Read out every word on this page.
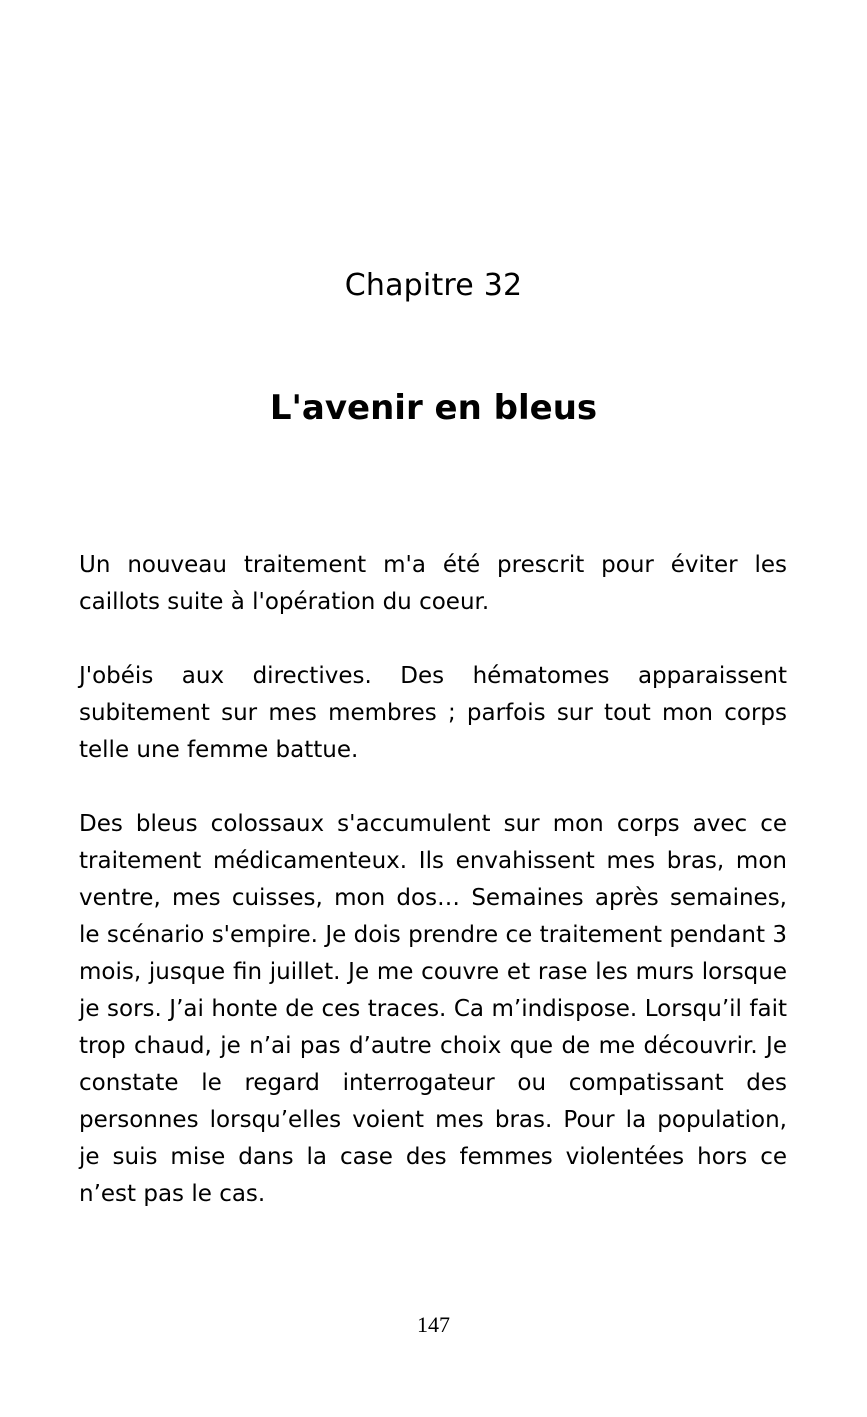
Chapitre 32
L'avenir en bleus

Un nouveau traitement m'a été prescrit pour éviter les caillots suite à l'opération du coeur.

J'obéis aux directives. Des hématomes apparaissent subitement sur mes membres ; parfois sur tout mon corps telle une femme battue.

Des bleus colossaux s'accumulent sur mon corps avec ce traitement médicamenteux. Ils envahissent mes bras, mon ventre, mes cuisses, mon dos… Semaines après semaines, le scénario s'empire. Je dois prendre ce traitement pendant 3 mois, jusque fin juillet. Je me couvre et rase les murs lorsque je sors. J’ai honte de ces traces. Ca m’indispose. Lorsqu’il fait trop chaud, je n’ai pas d’autre choix que de me découvrir. Je constate le regard interrogateur ou compatissant des personnes lorsqu’elles voient mes bras. Pour la population, je suis mise dans la case des femmes violentées hors ce n’est pas le cas.

147
